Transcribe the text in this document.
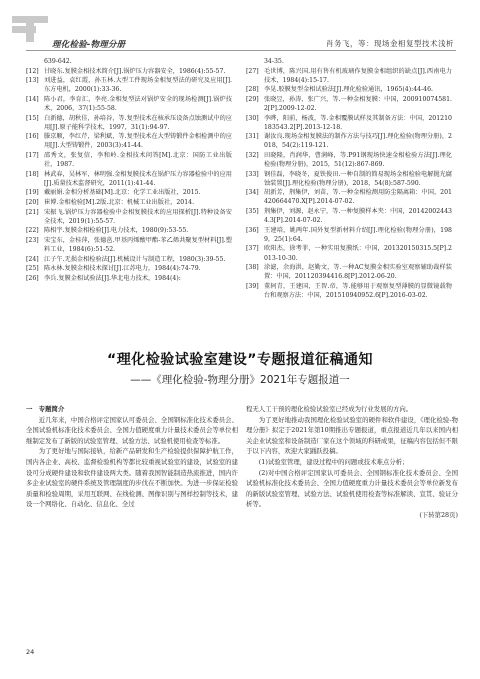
理化检验-物理分册	肖务飞，等：现场金相复型技术浅析
639-642.
[12] 甘晓东.复膜金相技术简介[J].锅炉压力容器安全，1986(4):55-57.
[13] 刘进益，袁红霞，孙玉林.大型工件现场金相复型法的研究及应用[J].东方电机，2000(1):33-36.
[14] 陈小君，李育汇，李亮.金相复型法对锅炉安全的现场检测[J].锅炉技术，2006，37(1):55-58.
[15] 白新德，胡秋佳，孙培谷，等.复型技术在核承压设备点蚀测试中的应用[J].原子能科学技术，1997，31(1):94-97.
[16] 滕京顺，李红芹，梁利斌，等.复型技术在大型铸锻件金相检测中的应用[J].大型铸锻件，2003(3):41-44.
[17] 邵秀文，张复信，李和岭.金相技术问答[M].北京：国防工业出版社，1987.
[18] 林武春，吴林军，林明强.金相复膜技术在锅炉压力容器检验中的应用[J].质量技术监督研究，2011(1):41-44.
[19] 戴丽娟.金相分析基础[M].北京：化学工业出版社，2015.
[20] 崔博.金相检验[M].2版.北京：机械工业出版社，2014.
[21] 宋振飞.锅炉压力容器检验中金相复膜技术的应用探析[J].特种设备安全技术，2019(1):55-57.
[22] 陈相宇.复膜金相检验[J].电力技术，1980(9):53-55.
[23] 宋宝东，金桂萍，张德邕.甲基丙烯酸甲酯-苯乙烯共聚复型材料[J].塑料工业，1984(6):51-52.
[24] 江子午.无损金相检验法[J].机械设计与制造工程，1980(3):39-55.
[25] 陈永林.复膜金相技术探讨[J].江苏电力，1984(4):74-79.
[26] 李兵.复膜金相试验法[J].华北电力技术，1984(4):
34-35.
[27] 毛世博，陈兴国.用有售有机玻璃作复膜金相组织的缺点[J].西南电力技术，1984(4):15-17.
[28] 李晃.胶膜复型金相试验法[J].理化检验通讯，1965(4):44-46.
[29] 张晓昱，孙涛，张广兴，等.一种金相复膜：中国，200910074581.2[P].2009-12-02.
[30] 李晔，阳前，杨波，等.金相覆膜试样及其制备方法：中国，201210183543.2[P].2013-12-18.
[31] 谢汝良.现场金相复膜法的制作方法与技巧[J].理化检验(物理分册)，2018，54(2):119-121.
[32] 田晓隆，肖润华，曹润峰，等.P91钢现场快速金相检验方法[J].理化检验(物理分册)，2015，51(12):867-869.
[33] 钢佳磊，李晓冬，夏铁俊田.一种自制的简易现场金相检验电解抛光腐蚀装置[J].理化检验(物理分册)，2018，54(8):587-590.
[34] 胡新芳，荆集伊，刘苗，等.一种金相检测用防尘隔离箱：中国，201420664470.X[P].2014-07-02.
[35] 荆集伊，刘源，赵永宁，等.一种复膜样本夹：中国，201420024434.3[P].2014-07-02.
[36] 王建培，姚两年.国外复型新材料介绍[J].理化检验(物理分册)，1989，25(1):64.
[37] 欧阳杰，徐考菲，一种实用复膜纸：中国，201320150315.5[P].2013-10-30.
[38] 涂滤，余海洪，赵勤文，等.一种AC复膜金相实验室观察辅助裁样装置：中国，201120394416.8[P].2012-06-20.
[39] 董轲青，王建国，王智.帝，等.能够用于观察复型薄膜的显微镜载物台和观察方法：中国，201510940952.6[P].2016-03-02.
“理化检验试验室建设”专题报道征稿通知
——《理化检验-物理分册》2021年专题报道一

一　专题简介

近几年来，中国合格评定国家认可委员会、全国钢标准化技术委员会、全国试验机标准化技术委员会、全国力值硬度重力计量技术委员会等单位相继制定发布了新版的试验室管理、试验方法、试验机使用检查等标准。

为了更好地与国际接轨，给新产品研发和生产检验提供保障护航工作，国内各企业、高校、监督检验机构等都比较重视试验室的建设，试验室的建设可分成硬件建设和软件建设两大类。随着我国智能制造热流推进，国内许多企业试验室的硬件系统及管理制度的步伐在不断加快。为进一步保证检验质量和检验周期，采用互联网、在线检测、图像识别与图样控制等技术，建设一个网络化、自动化、信息化、全过

程无人工干预的理化检验试验室已经成为行业发展的方向。

为了更好地推动我国理化检验试验室的硬件和软件建设，《理化检验-物理分册》拟定于2021年第10期推出专题报道，重点报道近几年以来国内相关企业试验室和设备制造厂家在这个领域的科研成果，征稿内容包括但不限于以下内容，欢迎大家踊跃投稿。

(1)试验室管理，建设过程中的问题或技术难点分析；

(2)对中国合格评定国家认可委员会、全国钢标准化技术委员会、全国试验机标准化技术委员会、全国力值硬度重力计量技术委员会等单位新发布的新版试验室管理、试验方法、试验机使用检查等标准解读、宣贯、验证分析等。

(下转第28页)

24
